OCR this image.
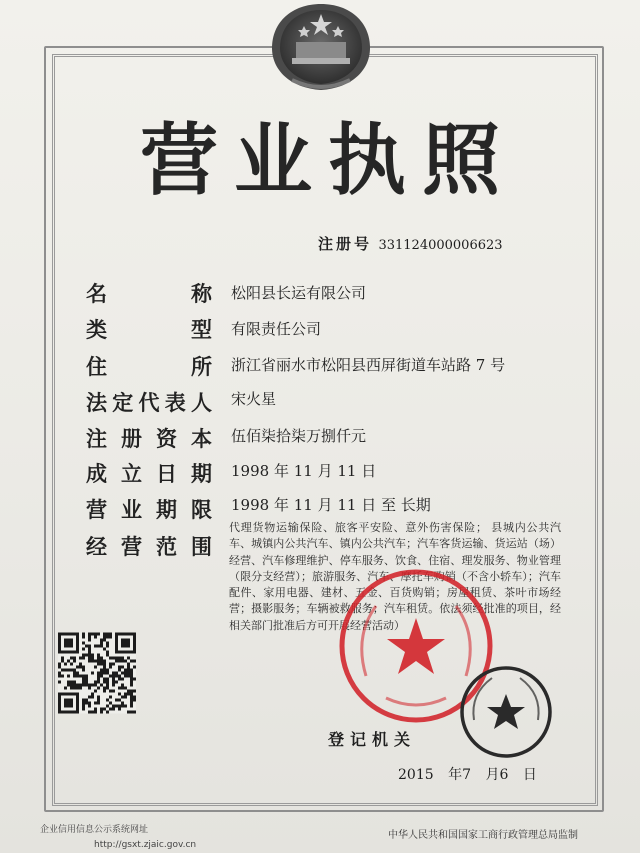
营 业 执 照
注册号 331124000006623
名称 松阳县长运有限公司
类型 有限责任公司
住所 浙江省丽水市松阳县西屏街道车站路 7 号
法定代表人 宋火星
注册资本 伍佰柒拾柒万捌仟元
成立日期 1998 年 11 月 11 日
营业期限 1998 年 11 月 11 日 至 长期
经营范围
代理货物运输保险、旅客平安险、意外伤害保险； 县城内公共汽车、城镇内公共汽车、镇内公共汽车；汽车客货运输、货运站（场）经营、汽车修理维护、停车服务、饮食、住宿、理发服务、物业管理（限分支经营）；旅游服务、汽车、摩托车购销（不含小轿车）；汽车配件、家用电器、建材、五金、百货购销；房屋租赁、茶叶市场经营；摄影服务；车辆被救服务；汽车租赁。依法须经批准的项目，经相关部门批准后方可开展经营活动）
登记机关
2015 年7 月6 日
企业信用信息公示系统网址
http://gsxt.zjaic.gov.cn
中华人民共和国国家工商行政管理总局监制
